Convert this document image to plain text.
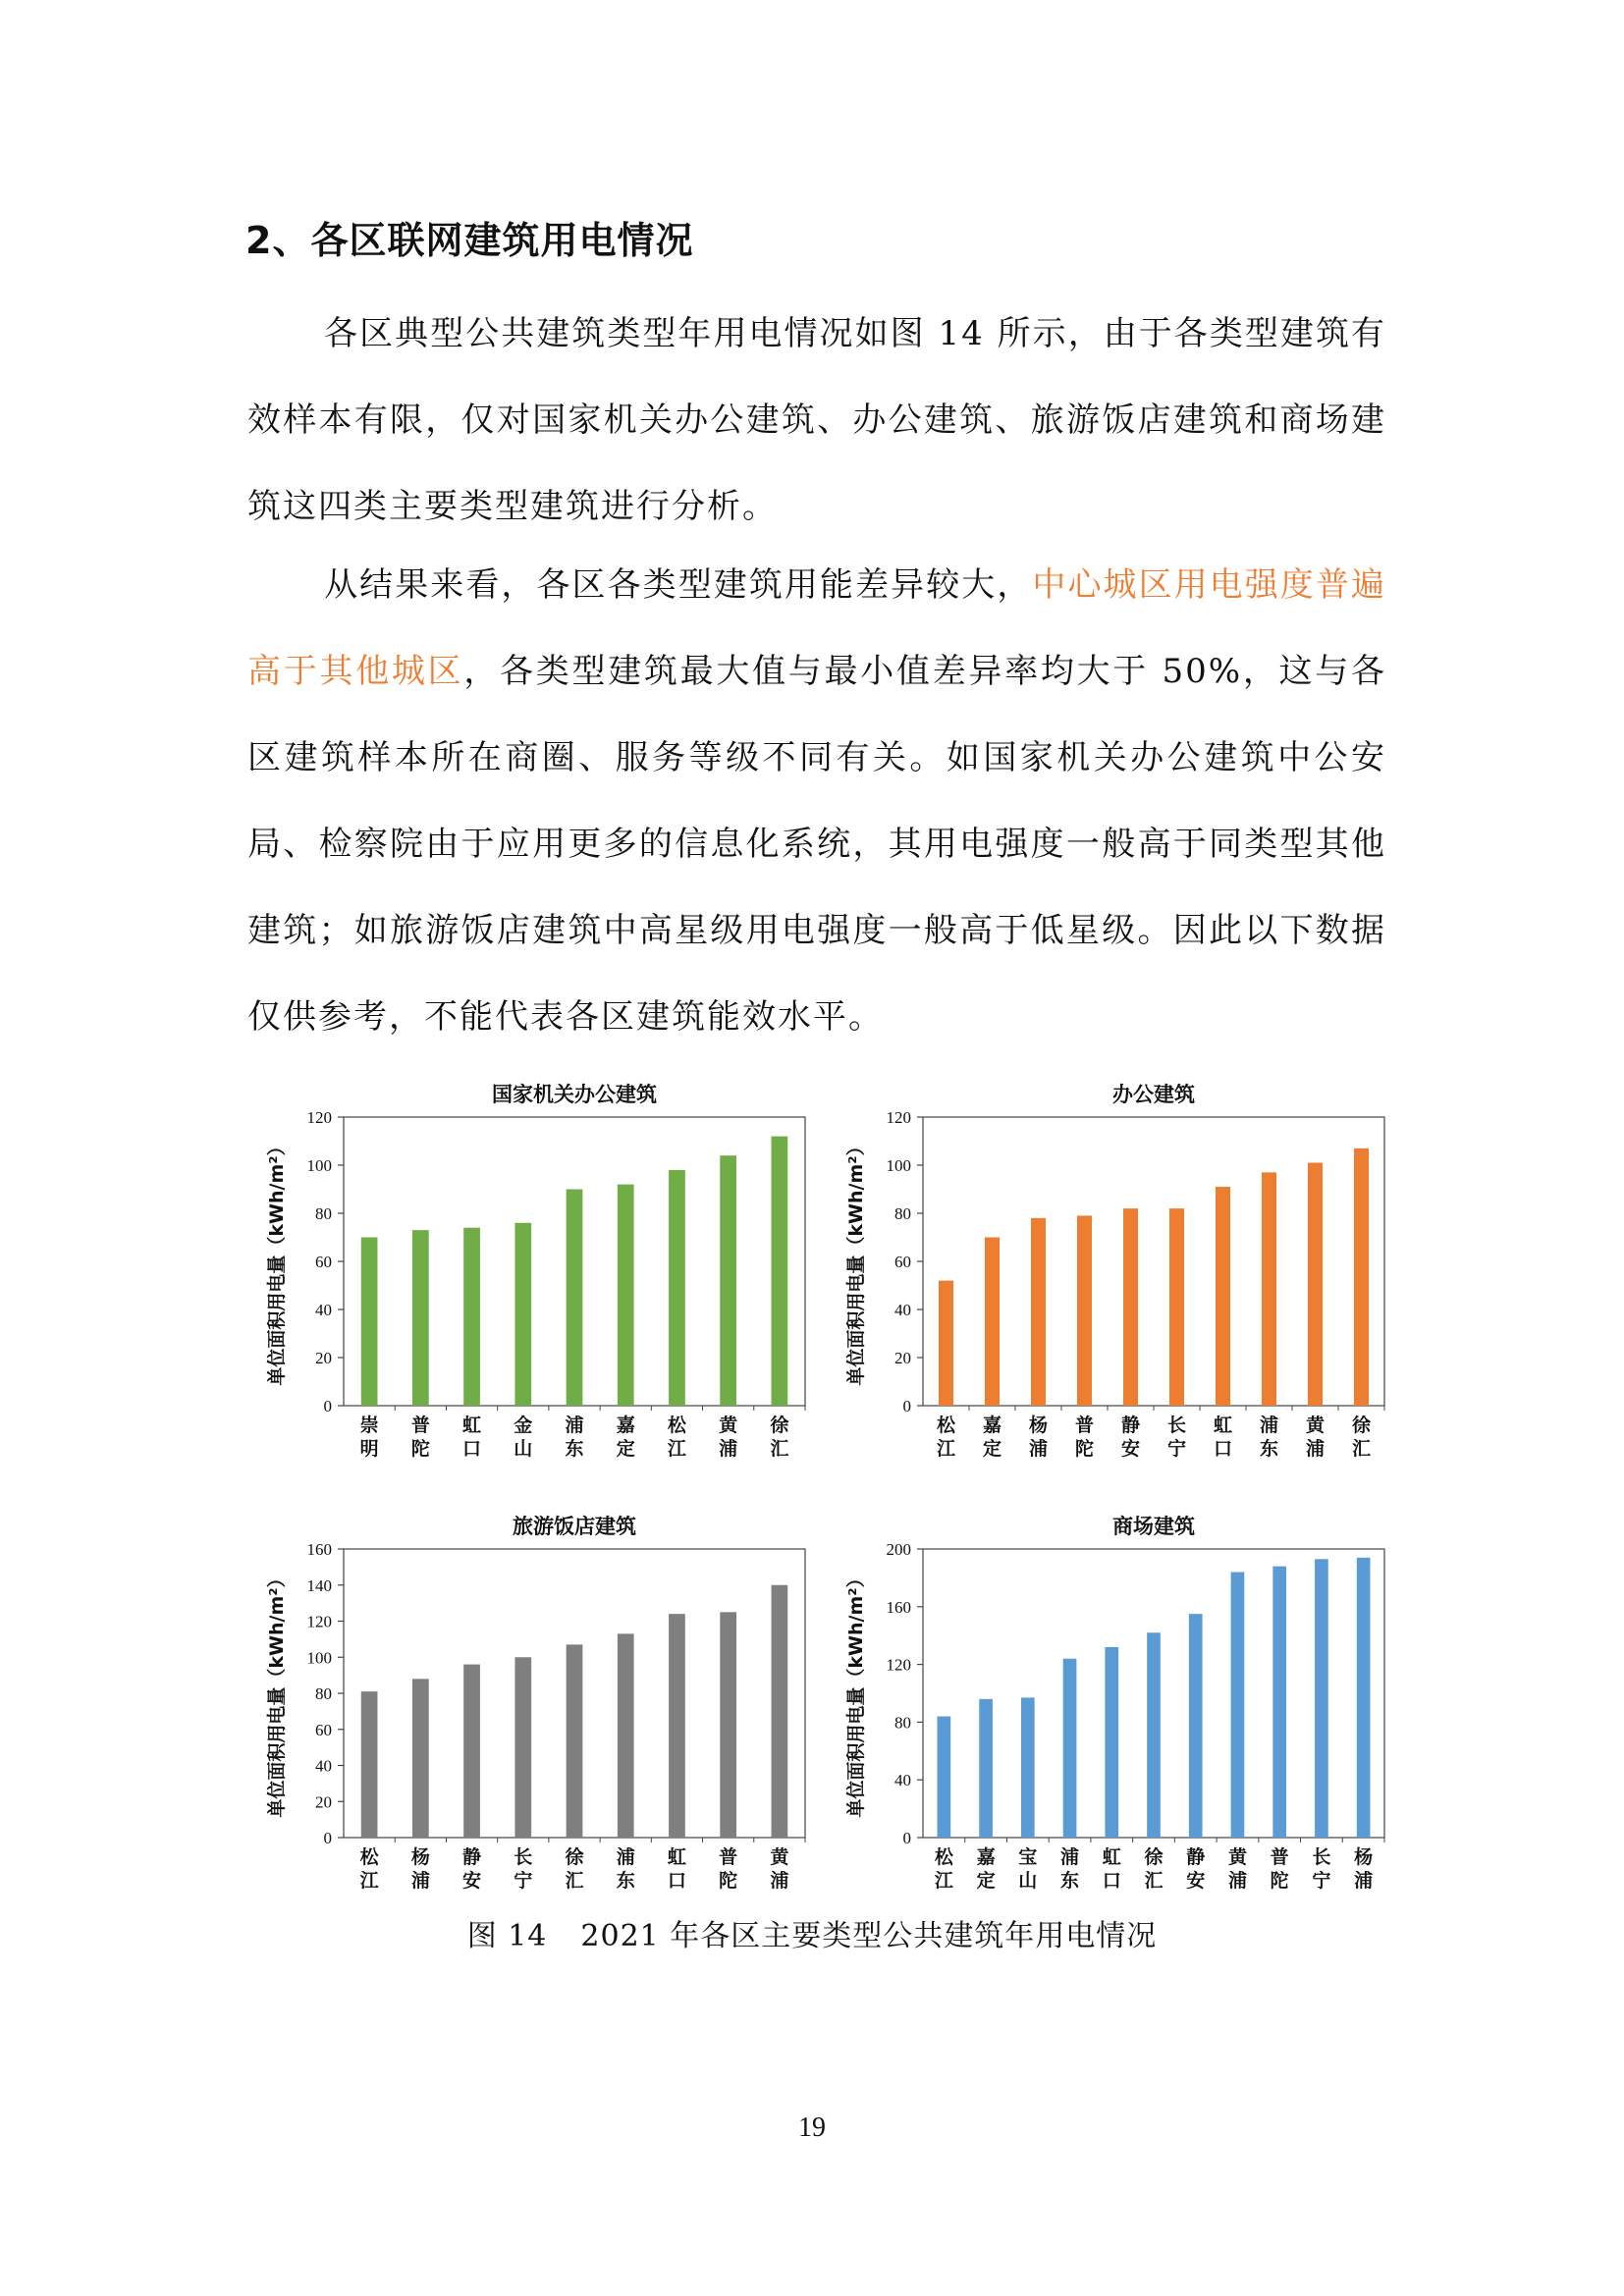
2、各区联网建筑用电情况
各区典型公共建筑类型年用电情况如图 14 所示，由于各类型建筑有效样本有限，仅对国家机关办公建筑、办公建筑、旅游饭店建筑和商场建筑这四类主要类型建筑进行分析。
从结果来看，各区各类型建筑用能差异较大，中心城区用电强度普遍高于其他城区，各类型建筑最大值与最小值差异率均大于 50%，这与各区建筑样本所在商圈、服务等级不同有关。如国家机关办公建筑中公安局、检察院由于应用更多的信息化系统，其用电强度一般高于同类型其他建筑；如旅游饭店建筑中高星级用电强度一般高于低星级。因此以下数据仅供参考，不能代表各区建筑能效水平。
国家机关办公建筑
单位面积用电量（kWh/m²）
0
20
40
60
80
100
120
崇
明
普
陀
虹
口
金
山
浦
东
嘉
定
松
江
黄
浦
徐
汇
办公建筑
单位面积用电量（kWh/m²）
0
20
40
60
80
100
120
松
江
嘉
定
杨
浦
普
陀
静
安
长
宁
虹
口
浦
东
黄
浦
徐
汇
旅游饭店建筑
单位面积用电量（kWh/m²）
0
20
40
60
80
100
120
140
160
松
江
杨
浦
静
安
长
宁
徐
汇
浦
东
虹
口
普
陀
黄
浦
商场建筑
单位面积用电量（kWh/m²）
0
40
80
120
160
200
松
江
嘉
定
宝
山
浦
东
虹
口
徐
汇
静
安
黄
浦
普
陀
长
宁
杨
浦
图 14 2021 年各区主要类型公共建筑年用电情况
19
